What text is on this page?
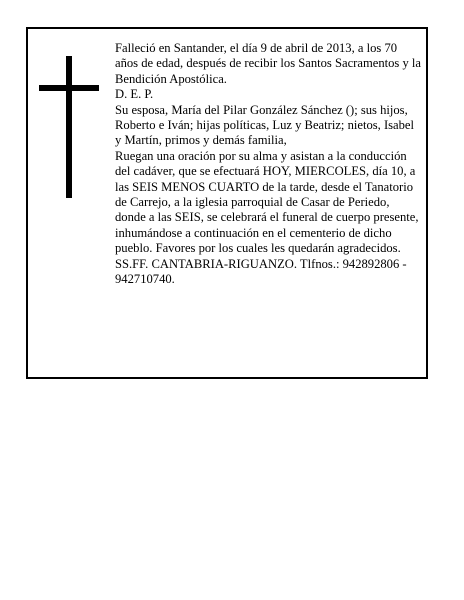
Falleció en Santander, el día 9 de abril de 2013, a los 70 años de edad, después de recibir los Santos Sacramentos y la Bendición Apostólica.

D. E. P.

Su esposa, María del Pilar González Sánchez (); sus hijos, Roberto e Iván; hijas políticas, Luz y Beatriz; nietos, Isabel y Martín, primos y demás familia,

Ruegan una oración por su alma y asistan a la conducción del cadáver, que se efectuará HOY, MIERCOLES, día 10, a las SEIS MENOS CUARTO de la tarde, desde el Tanatorio de Carrejo, a la iglesia parroquial de Casar de Periedo, donde a las SEIS, se celebrará el funeral de cuerpo presente, inhumándose a continuación en el cementerio de dicho pueblo. Favores por los cuales les quedarán agradecidos.

SS.FF. CANTABRIA-RIGUANZO. Tlfnos.: 942892806 - 942710740.
